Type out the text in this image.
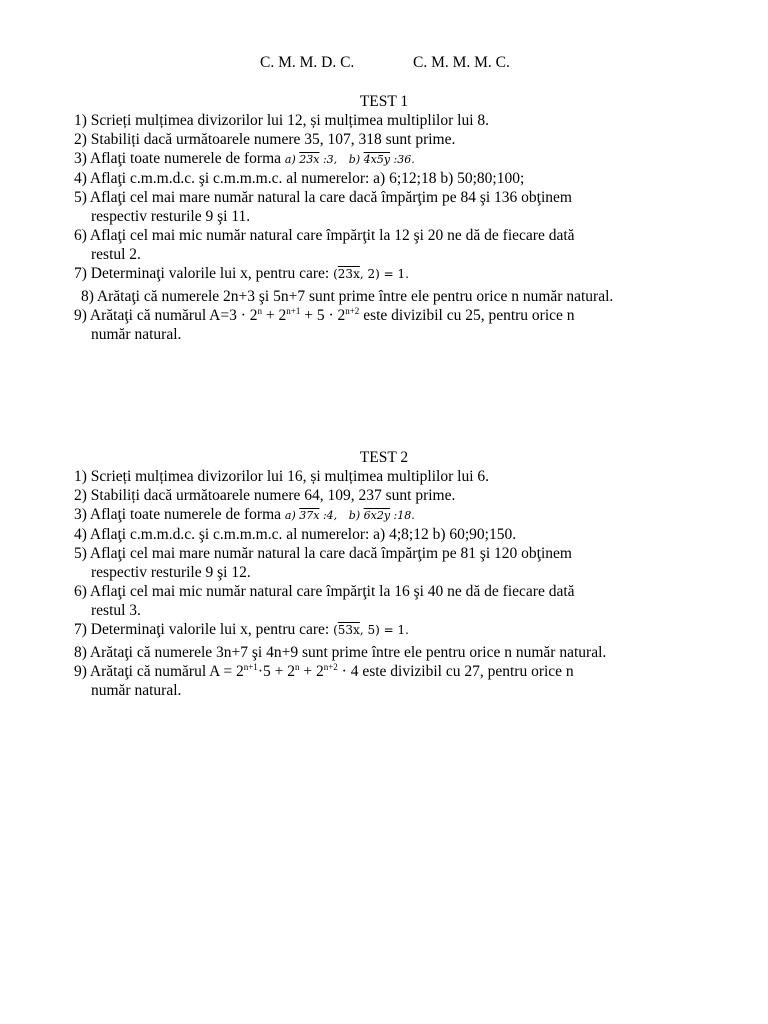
C. M. M. D. C.	C. M. M. M. C.
TEST 1
1) Scrieți mulțimea divizorilor lui 12, și mulțimea multiplilor lui 8.
2) Stabiliți dacă următoarele numere 35, 107, 318 sunt prime.
3) Aflaţi toate numerele de forma a) 23x :3, b) 4x5y :36.
4) Aflaţi c.m.m.d.c. şi c.m.m.m.c. al numerelor: a) 6;12;18 b) 50;80;100;
5) Aflaţi cel mai mare număr natural la care dacă împărţim pe 84 şi 136 obţinem
respectiv resturile 9 şi 11.
6) Aflaţi cel mai mic număr natural care împărţit la 12 şi 20 ne dă de fiecare dată
restul 2.
7) Determinaţi valorile lui x, pentru care: (23x, 2) = 1.
8) Arătaţi că numerele 2n+3 şi 5n+7 sunt prime între ele pentru orice n număr natural.
9) Arătaţi că numărul $A=3 \cdot 2^n + 2^{n+1} + 5 \cdot 2^{n+2}$ este divizibil cu 25, pentru orice n
număr natural.
TEST 2
1) Scrieți mulțimea divizorilor lui 16, și mulțimea multiplilor lui 6.
2) Stabiliți dacă următoarele numere 64, 109, 237 sunt prime.
3) Aflaţi toate numerele de forma a) 37x :4, b) 6x2y :18.
4) Aflaţi c.m.m.d.c. şi c.m.m.m.c. al numerelor: a) 4;8;12 b) 60;90;150.
5) Aflaţi cel mai mare număr natural la care dacă împărţim pe 81 şi 120 obţinem
respectiv resturile 9 şi 12.
6) Aflaţi cel mai mic număr natural care împărţit la 16 şi 40 ne dă de fiecare dată
restul 3.
7) Determinaţi valorile lui x, pentru care: (53x, 5) = 1.
8) Arătaţi că numerele 3n+7 şi 4n+9 sunt prime între ele pentru orice n număr natural.
9) Arătaţi că numărul $A = 2^{n+1}\cdot 5 + 2^n + 2^{n+2} \cdot 4$ este divizibil cu 27, pentru orice n
număr natural.
